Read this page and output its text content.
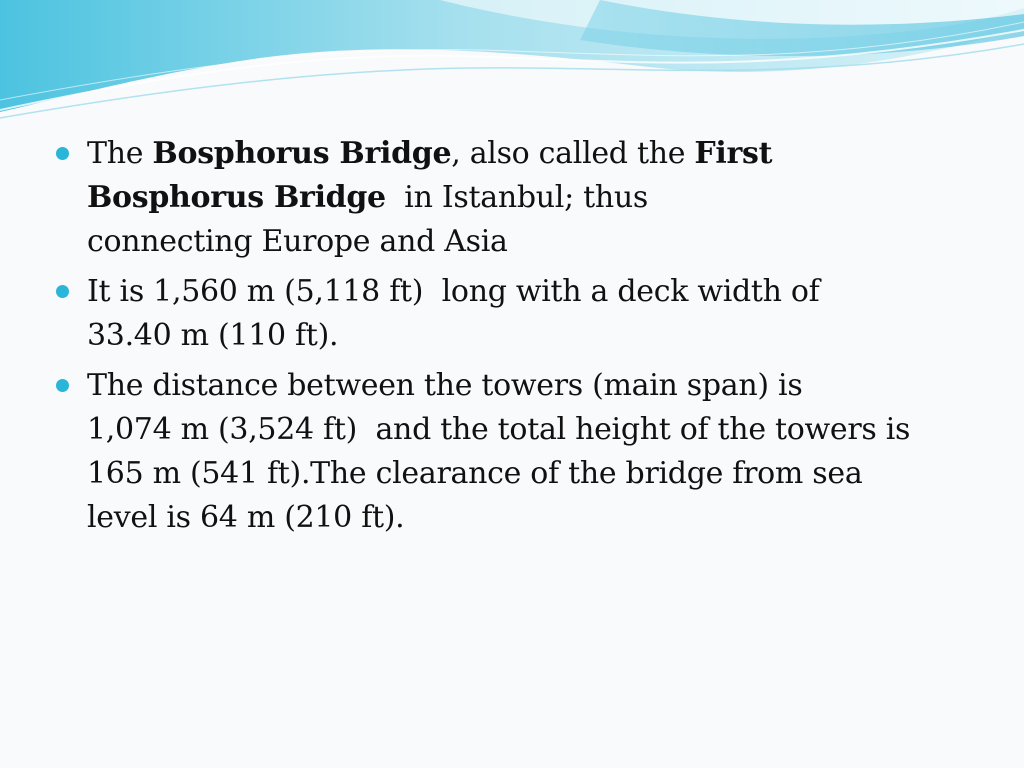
The Bosphorus Bridge, also called the First
Bosphorus Bridge  in Istanbul; thus
connecting Europe and Asia
It is 1,560 m (5,118 ft)  long with a deck width of
33.40 m (110 ft).
The distance between the towers (main span) is
1,074 m (3,524 ft)  and the total height of the towers is
165 m (541 ft).The clearance of the bridge from sea
level is 64 m (210 ft).
